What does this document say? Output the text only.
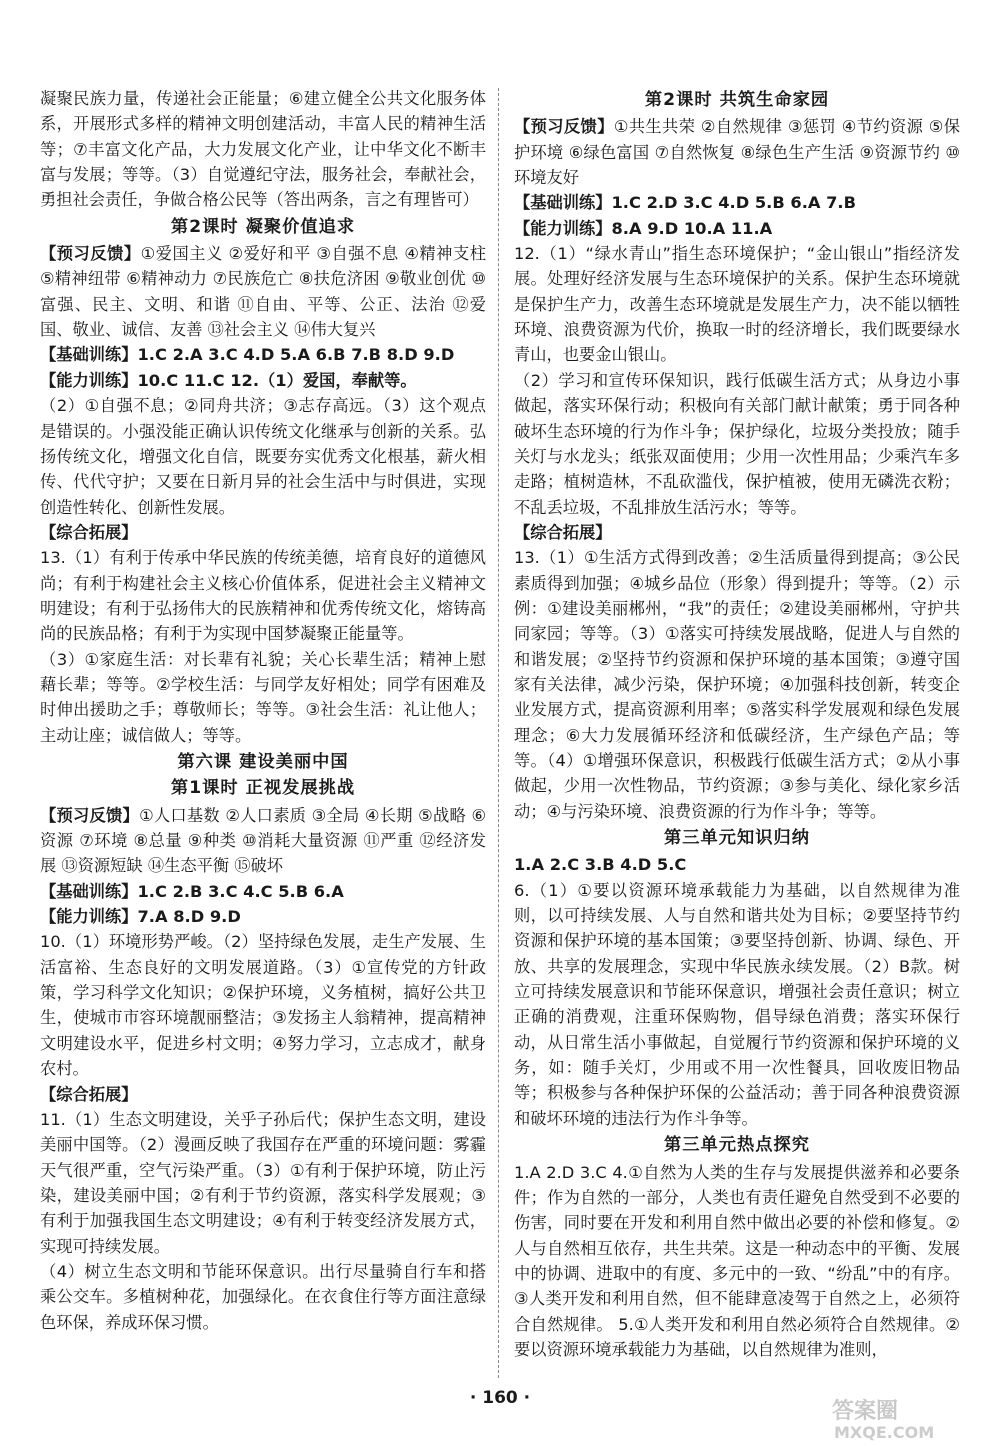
凝聚民族力量，传递社会正能量；⑥建立健全公共文化服务体系，开展形式多样的精神文明创建活动，丰富人民的精神生活等；⑦丰富文化产品，大力发展文化产业，让中华文化不断丰富与发展；等等。（3）自觉遵纪守法，服务社会，奉献社会，勇担社会责任，争做合格公民等（答出两条，言之有理皆可）

第2课时 凝聚价值追求

【预习反馈】①爱国主义 ②爱好和平 ③自强不息 ④精神支柱 ⑤精神纽带 ⑥精神动力 ⑦民族危亡 ⑧扶危济困 ⑨敬业创优 ⑩富强、民主、文明、和谐 ⑪自由、平等、公正、法治 ⑫爱国、敬业、诚信、友善 ⑬社会主义 ⑭伟大复兴

【基础训练】1.C 2.A 3.C 4.D 5.A 6.B 7.B 8.D 9.D

【能力训练】10.C 11.C 12.（1）爱国，奉献等。

（2）①自强不息；②同舟共济；③志存高远。（3）这个观点是错误的。小强没能正确认识传统文化继承与创新的关系。弘扬传统文化，增强文化自信，既要夯实优秀文化根基，薪火相传、代代守护；又要在日新月异的社会生活中与时俱进，实现创造性转化、创新性发展。

【综合拓展】

13.（1）有利于传承中华民族的传统美德，培育良好的道德风尚；有利于构建社会主义核心价值体系，促进社会主义精神文明建设；有利于弘扬伟大的民族精神和优秀传统文化，熔铸高尚的民族品格；有利于为实现中国梦凝聚正能量等。

（3）①家庭生活：对长辈有礼貌；关心长辈生活；精神上慰藉长辈；等等。②学校生活：与同学友好相处；同学有困难及时伸出援助之手；尊敬师长；等等。③社会生活：礼让他人；主动让座；诚信做人；等等。

第六课 建设美丽中国
第1课时 正视发展挑战

【预习反馈】①人口基数 ②人口素质 ③全局 ④长期 ⑤战略 ⑥资源 ⑦环境 ⑧总量 ⑨种类 ⑩消耗大量资源 ⑪严重 ⑫经济发展 ⑬资源短缺 ⑭生态平衡 ⑮破坏

【基础训练】1.C 2.B 3.C 4.C 5.B 6.A

【能力训练】7.A 8.D 9.D

10.（1）环境形势严峻。（2）坚持绿色发展，走生产发展、生活富裕、生态良好的文明发展道路。（3）①宣传党的方针政策，学习科学文化知识；②保护环境，义务植树，搞好公共卫生，使城市市容环境靓丽整洁；③发扬主人翁精神，提高精神文明建设水平，促进乡村文明；④努力学习，立志成才，献身农村。

【综合拓展】

11.（1）生态文明建设，关乎子孙后代；保护生态文明，建设美丽中国等。（2）漫画反映了我国存在严重的环境问题：雾霾天气很严重，空气污染严重。（3）①有利于保护环境，防止污染，建设美丽中国；②有利于节约资源，落实科学发展观；③有利于加强我国生态文明建设；④有利于转变经济发展方式，实现可持续发展。

（4）树立生态文明和节能环保意识。出行尽量骑自行车和搭乘公交车。多植树种花，加强绿化。在衣食住行等方面注意绿色环保，养成环保习惯。

第2课时 共筑生命家园

【预习反馈】①共生共荣 ②自然规律 ③惩罚 ④节约资源 ⑤保护环境 ⑥绿色富国 ⑦自然恢复 ⑧绿色生产生活 ⑨资源节约 ⑩环境友好

【基础训练】1.C 2.D 3.C 4.D 5.B 6.A 7.B

【能力训练】8.A 9.D 10.A 11.A

12.（1）“绿水青山”指生态环境保护；“金山银山”指经济发展。处理好经济发展与生态环境保护的关系。保护生态环境就是保护生产力，改善生态环境就是发展生产力，决不能以牺牲环境、浪费资源为代价，换取一时的经济增长，我们既要绿水青山，也要金山银山。

（2）学习和宣传环保知识，践行低碳生活方式；从身边小事做起，落实环保行动；积极向有关部门献计献策；勇于同各种破坏生态环境的行为作斗争；保护绿化，垃圾分类投放；随手关灯与水龙头；纸张双面使用；少用一次性用品；少乘汽车多走路；植树造林，不乱砍滥伐，保护植被，使用无磷洗衣粉；不乱丢垃圾，不乱排放生活污水；等等。

【综合拓展】

13.（1）①生活方式得到改善；②生活质量得到提高；③公民素质得到加强；④城乡品位（形象）得到提升；等等。（2）示例：①建设美丽郴州，“我”的责任；②建设美丽郴州，守护共同家园；等等。（3）①落实可持续发展战略，促进人与自然的和谐发展；②坚持节约资源和保护环境的基本国策；③遵守国家有关法律，减少污染，保护环境；④加强科技创新，转变企业发展方式，提高资源利用率；⑤落实科学发展观和绿色发展理念；⑥大力发展循环经济和低碳经济，生产绿色产品；等等。（4）①增强环保意识，积极践行低碳生活方式；②从小事做起，少用一次性物品，节约资源；③参与美化、绿化家乡活动；④与污染环境、浪费资源的行为作斗争；等等。

第三单元知识归纳

1.A 2.C 3.B 4.D 5.C

6.（1）①要以资源环境承载能力为基础，以自然规律为准则，以可持续发展、人与自然和谐共处为目标；②要坚持节约资源和保护环境的基本国策；③要坚持创新、协调、绿色、开放、共享的发展理念，实现中华民族永续发展。（2）B款。树立可持续发展意识和节能环保意识，增强社会责任意识；树立正确的消费观，注重环保购物，倡导绿色消费；落实环保行动，从日常生活小事做起，自觉履行节约资源和保护环境的义务，如：随手关灯，少用或不用一次性餐具，回收废旧物品等；积极参与各种保护环保的公益活动；善于同各种浪费资源和破坏环境的违法行为作斗争等。

第三单元热点探究

1.A 2.D 3.C 4.①自然为人类的生存与发展提供滋养和必要条件；作为自然的一部分，人类也有责任避免自然受到不必要的伤害，同时要在开发和利用自然中做出必要的补偿和修复。②人与自然相互依存，共生共荣。这是一种动态中的平衡、发展中的协调、进取中的有度、多元中的一致、“纷乱”中的有序。③人类开发和利用自然，但不能肆意凌驾于自然之上，必须符合自然规律。 5.①人类开发和利用自然必须符合自然规律。②要以资源环境承载能力为基础，以自然规律为准则，

· 160 ·
答案圈
MXQE.COM
